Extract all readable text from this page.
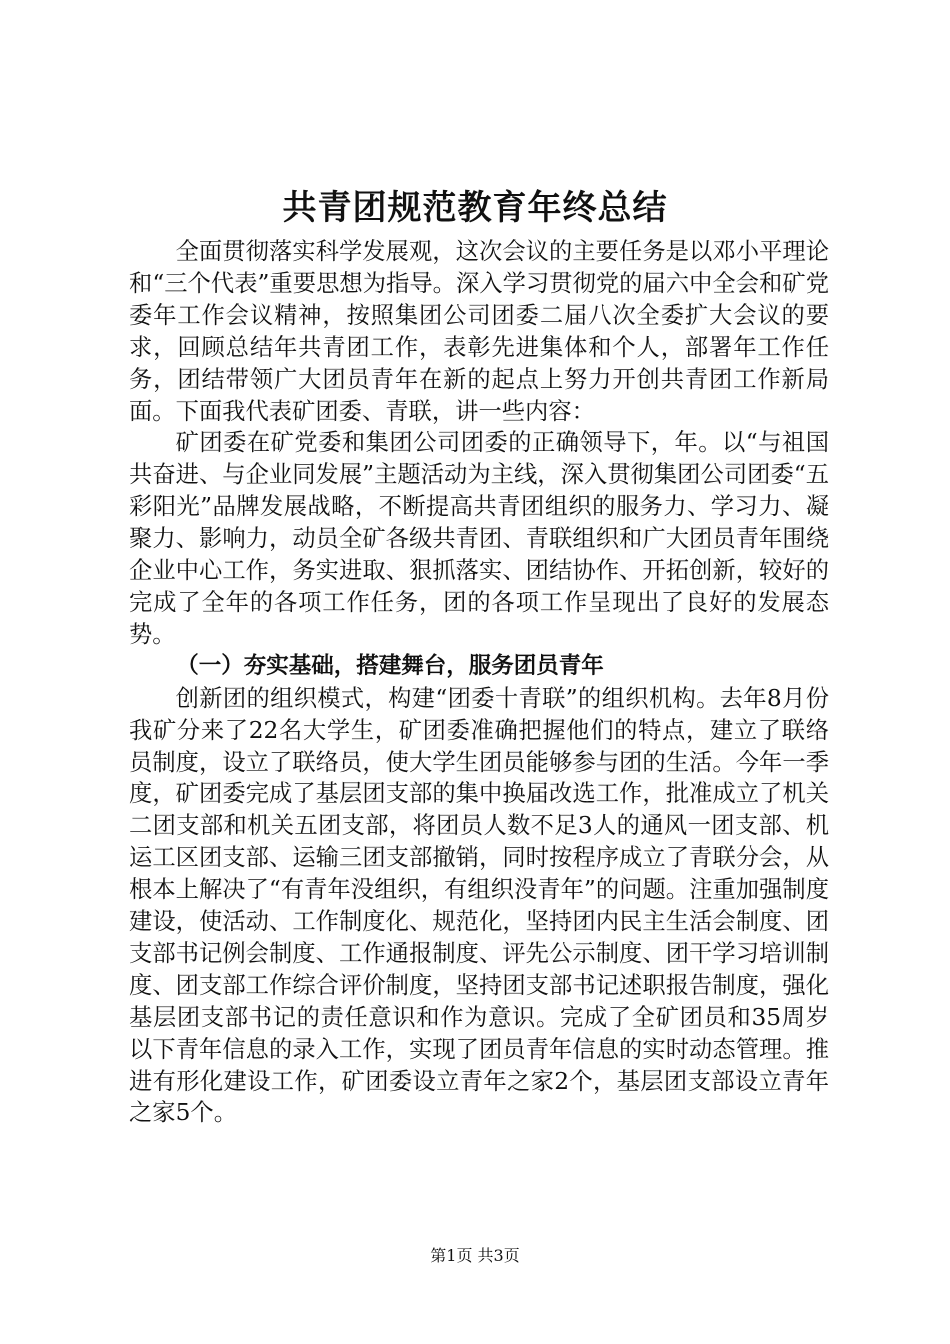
共青团规范教育年终总结

全面贯彻落实科学发展观，这次会议的主要任务是以邓小平理论和“三个代表”重要思想为指导。深入学习贯彻党的届六中全会和矿党委年工作会议精神，按照集团公司团委二届八次全委扩大会议的要求，回顾总结年共青团工作，表彰先进集体和个人，部署年工作任务，团结带领广大团员青年在新的起点上努力开创共青团工作新局面。下面我代表矿团委、青联，讲一些内容：

矿团委在矿党委和集团公司团委的正确领导下，年。以“与祖国共奋进、与企业同发展”主题活动为主线，深入贯彻集团公司团委“五彩阳光”品牌发展战略，不断提高共青团组织的服务力、学习力、凝聚力、影响力，动员全矿各级共青团、青联组织和广大团员青年围绕企业中心工作，务实进取、狠抓落实、团结协作、开拓创新，较好的完成了全年的各项工作任务，团的各项工作呈现出了良好的发展态势。

（一）夯实基础，搭建舞台，服务团员青年

创新团的组织模式，构建“团委十青联”的组织机构。去年8月份我矿分来了22名大学生，矿团委准确把握他们的特点，建立了联络员制度，设立了联络员，使大学生团员能够参与团的生活。今年一季度，矿团委完成了基层团支部的集中换届改选工作，批准成立了机关二团支部和机关五团支部，将团员人数不足3人的通风一团支部、机运工区团支部、运输三团支部撤销，同时按程序成立了青联分会，从根本上解决了“有青年没组织，有组织没青年”的问题。注重加强制度建设，使活动、工作制度化、规范化，坚持团内民主生活会制度、团支部书记例会制度、工作通报制度、评先公示制度、团干学习培训制度、团支部工作综合评价制度，坚持团支部书记述职报告制度，强化基层团支部书记的责任意识和作为意识。完成了全矿团员和35周岁以下青年信息的录入工作，实现了团员青年信息的实时动态管理。推进有形化建设工作，矿团委设立青年之家2个，基层团支部设立青年之家5个。

第1页 共3页
